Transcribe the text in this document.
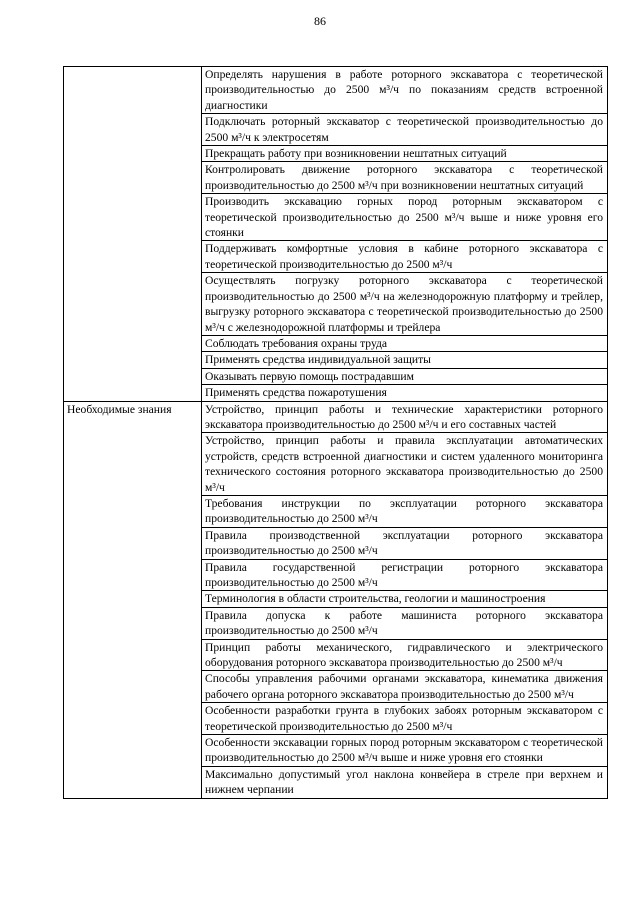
86

	Определять нарушения в работе роторного экскаватора с теоретической производительностью до 2500 м³/ч по показаниям средств встроенной диагностики

	Подключать роторный экскаватор с теоретической производительностью до 2500 м³/ч к электросетям

	Прекращать работу при возникновении нештатных ситуаций

	Контролировать движение роторного экскаватора с теоретической производительностью до 2500 м³/ч при возникновении нештатных ситуаций

	Производить экскавацию горных пород роторным экскаватором с теоретической производительностью до 2500 м³/ч выше и ниже уровня его стоянки

	Поддерживать комфортные условия в кабине роторного экскаватора с теоретической производительностью до 2500 м³/ч

	Осуществлять погрузку роторного экскаватора с теоретической производительностью до 2500 м³/ч на железнодорожную платформу и трейлер, выгрузку роторного экскаватора с теоретической производительностью до 2500 м³/ч с железнодорожной платформы и трейлера

	Соблюдать требования охраны труда

	Применять средства индивидуальной защиты

	Оказывать первую помощь пострадавшим

	Применять средства пожаротушения

Необходимые знания	Устройство, принцип работы и технические характеристики роторного экскаватора производительностью до 2500 м³/ч и его составных частей

	Устройство, принцип работы и правила эксплуатации автоматических устройств, средств встроенной диагностики и систем удаленного мониторинга технического состояния роторного экскаватора производительностью до 2500 м³/ч

	Требования инструкции по эксплуатации роторного экскаватора производительностью до 2500 м³/ч

	Правила производственной эксплуатации роторного экскаватора производительностью до 2500 м³/ч

	Правила государственной регистрации роторного экскаватора производительностью до 2500 м³/ч

	Терминология в области строительства, геологии и машиностроения

	Правила допуска к работе машиниста роторного экскаватора производительностью до 2500 м³/ч

	Принцип работы механического, гидравлического и электрического оборудования роторного экскаватора производительностью до 2500 м³/ч

	Способы управления рабочими органами экскаватора, кинематика движения рабочего органа роторного экскаватора производительностью до 2500 м³/ч

	Особенности разработки грунта в глубоких забоях роторным экскаватором с теоретической производительностью до 2500 м³/ч

	Особенности экскавации горных пород роторным экскаватором с теоретической производительностью до 2500 м³/ч выше и ниже уровня его стоянки

	Максимально допустимый угол наклона конвейера в стреле при верхнем и нижнем черпании
